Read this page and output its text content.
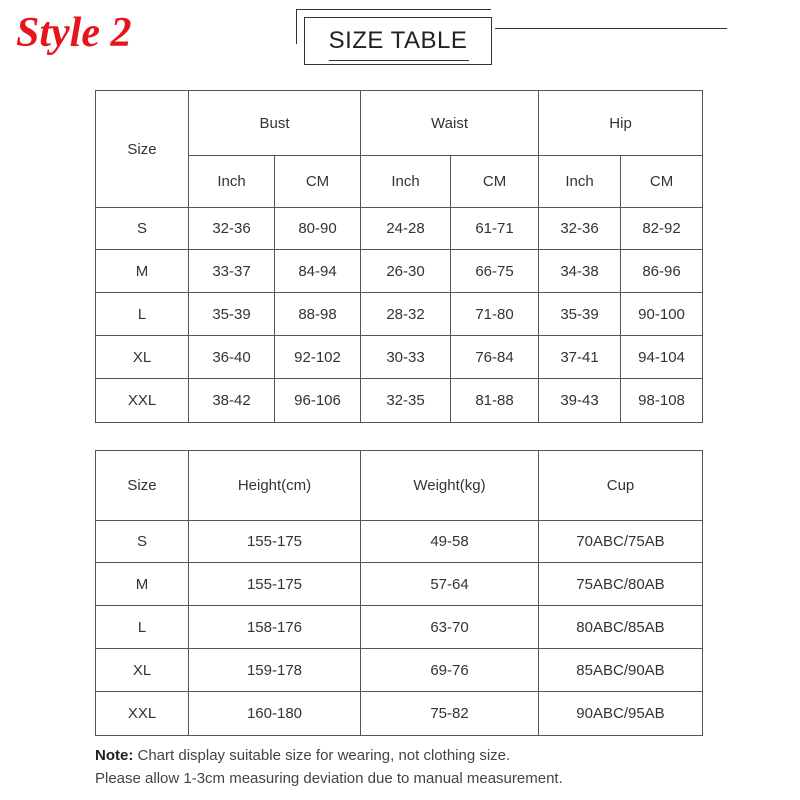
Style 2	SIZE TABLE
Size	Bust		Waist		Hip	
	Inch	CM	Inch	CM	Inch	CM
S	32-36	80-90	24-28	61-71	32-36	82-92
M	33-37	84-94	26-30	66-75	34-38	86-96
L	35-39	88-98	28-32	71-80	35-39	90-100
XL	36-40	92-102	30-33	76-84	37-41	94-104
XXL	38-42	96-106	32-35	81-88	39-43	98-108
Size	Height(cm)	Weight(kg)	Cup
S	155-175	49-58	70ABC/75AB
M	155-175	57-64	75ABC/80AB
L	158-176	63-70	80ABC/85AB
XL	159-178	69-76	85ABC/90AB
XXL	160-180	75-82	90ABC/95AB
Note: Chart display suitable size for wearing, not clothing size.
Please allow 1-3cm measuring deviation due to manual measurement.
